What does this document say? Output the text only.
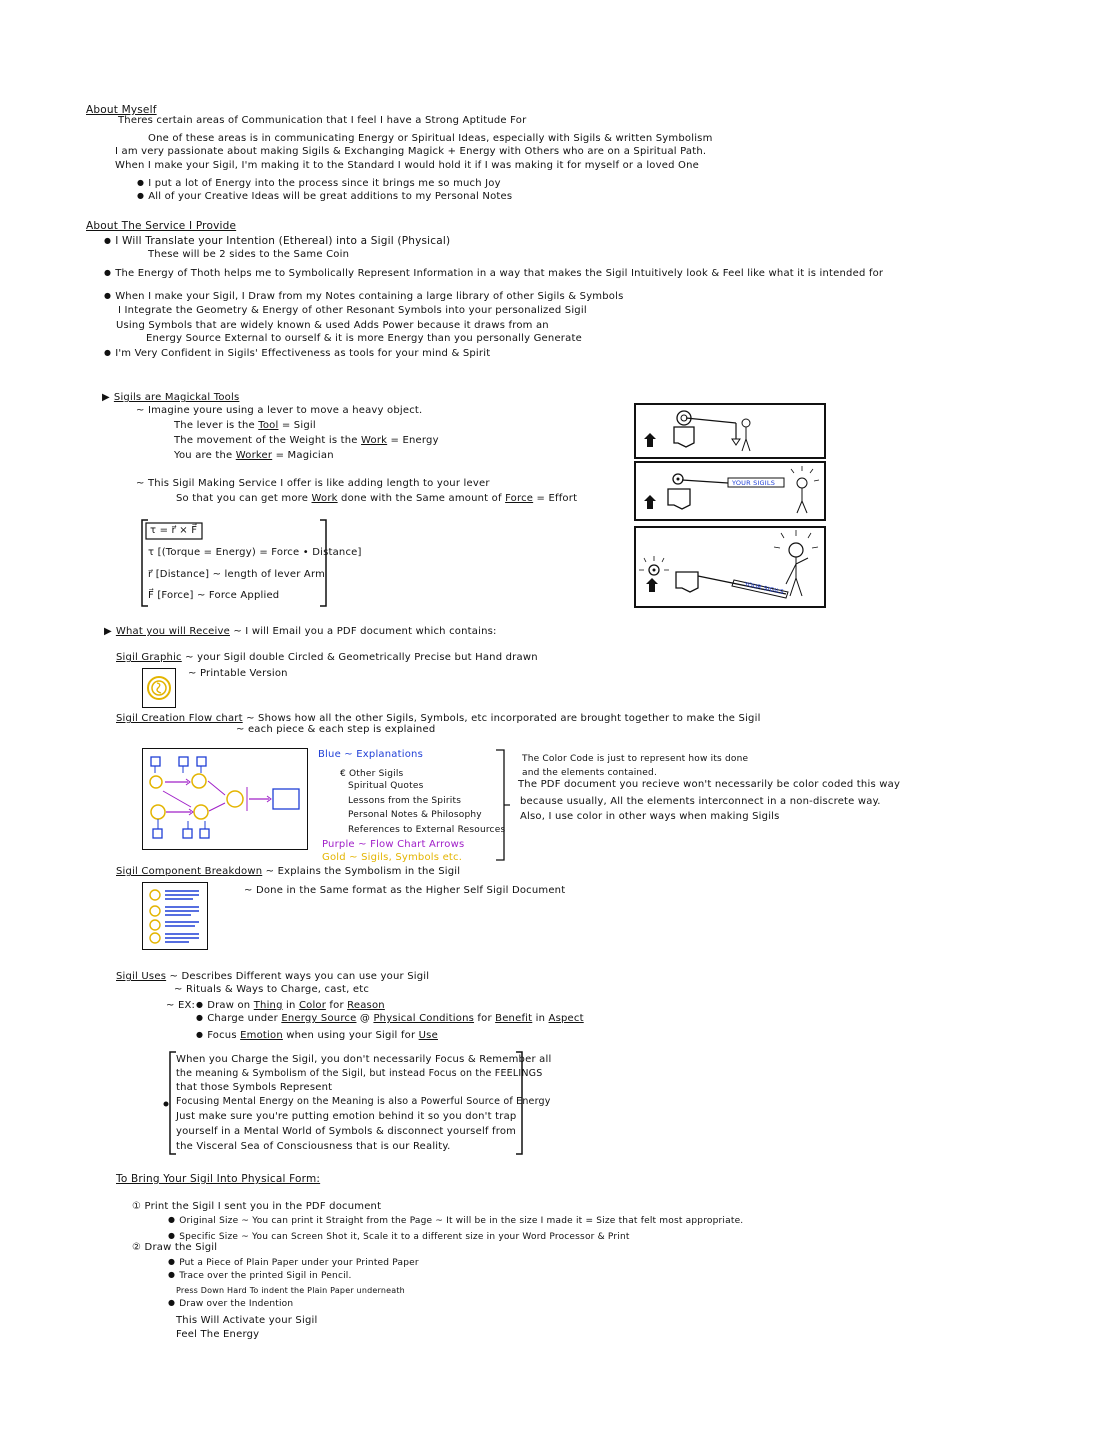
About Myself
Theres certain areas of Communication that I feel I have a Strong Aptitude For
One of these areas is in communicating Energy or Spiritual Ideas, especially with Sigils & written Symbolism
I am very passionate about making Sigils & Exchanging Magick + Energy with Others who are on a Spiritual Path.
When I make your Sigil, I'm making it to the Standard I would hold it if I was making it for myself or a loved One
● I put a lot of Energy into the process since it brings me so much Joy
● All of your Creative Ideas will be great additions to my Personal Notes
About The Service I Provide
● I Will Translate your Intention (Ethereal) into a Sigil (Physical)
These will be 2 sides to the Same Coin
● The Energy of Thoth helps me to Symbolically Represent Information in a way that makes the Sigil Intuitively look & Feel like what it is intended for
● When I make your Sigil, I Draw from my Notes containing a large library of other Sigils & Symbols
I Integrate the Geometry & Energy of other Resonant Symbols into your personalized Sigil
Using Symbols that are widely known & used Adds Power because it draws from an
Energy Source External to ourself & it is more Energy than you personally Generate
● I'm Very Confident in Sigils' Effectiveness as tools for your mind & Spirit
▶ Sigils are Magickal Tools
~ Imagine youre using a lever to move a heavy object.
The lever is the Tool = Sigil
The movement of the Weight is the Work = Energy
You are the Worker = Magician
~ This Sigil Making Service I offer is like adding length to your lever
So that you can get more Work done with the Same amount of Force = Effort
τ = r⃗ × F⃗
τ [(Torque = Energy) = Force • Distance]
r⃗ [Distance] ~ length of lever Arm
F⃗ [Force] ~ Force Applied
YOUR SIGILS
YOUR SIGILS
▶ What you will Receive ~ I will Email you a PDF document which contains:
Sigil Graphic ~ your Sigil double Circled & Geometrically Precise but Hand drawn
~ Printable Version
Sigil Creation Flow chart ~ Shows how all the other Sigils, Symbols, etc incorporated are brought together to make the Sigil
~ each piece & each step is explained
Blue ~ Explanations
€ Other Sigils
Spiritual Quotes
Lessons from the Spirits
Personal Notes & Philosophy
References to External Resources
Purple ~ Flow Chart Arrows
Gold ~ Sigils, Symbols etc.
The Color Code is just to represent how its done
and the elements contained.
The PDF document you recieve won't necessarily be color coded this way
because usually, All the elements interconnect in a non-discrete way.
Also, I use color in other ways when making Sigils
Sigil Component Breakdown ~ Explains the Symbolism in the Sigil
~ Done in the Same format as the Higher Self Sigil Document
Sigil Uses ~ Describes Different ways you can use your Sigil
~ Rituals & Ways to Charge, cast, etc
~ EX:
●	Draw on Thing in Color for Reason
● Charge under Energy Source @ Physical Conditions for Benefit in Aspect
● Focus Emotion when using your Sigil for Use
When you Charge the Sigil, you don't necessarily Focus & Remember all
the meaning & Symbolism of the Sigil, but instead Focus on the FEELINGS
that those Symbols Represent
Focusing Mental Energy on the Meaning is also a Powerful Source of Energy
Just make sure you're putting emotion behind it so you don't trap
yourself in a Mental World of Symbols & disconnect yourself from
the Visceral Sea of Consciousness that is our Reality.
To Bring Your Sigil Into Physical Form:
① Print the Sigil I sent you in the PDF document
● Original Size ~ You can print it Straight from the Page ~ It will be in the size I made it = Size that felt most appropriate.
● Specific Size ~ You can Screen Shot it, Scale it to a different size in your Word Processor & Print
② Draw the Sigil
● Put a Piece of Plain Paper under your Printed Paper
● Trace over the printed Sigil in Pencil.
Press Down Hard To indent the Plain Paper underneath
● Draw over the Indention
This Will Activate your Sigil
Feel The Energy
